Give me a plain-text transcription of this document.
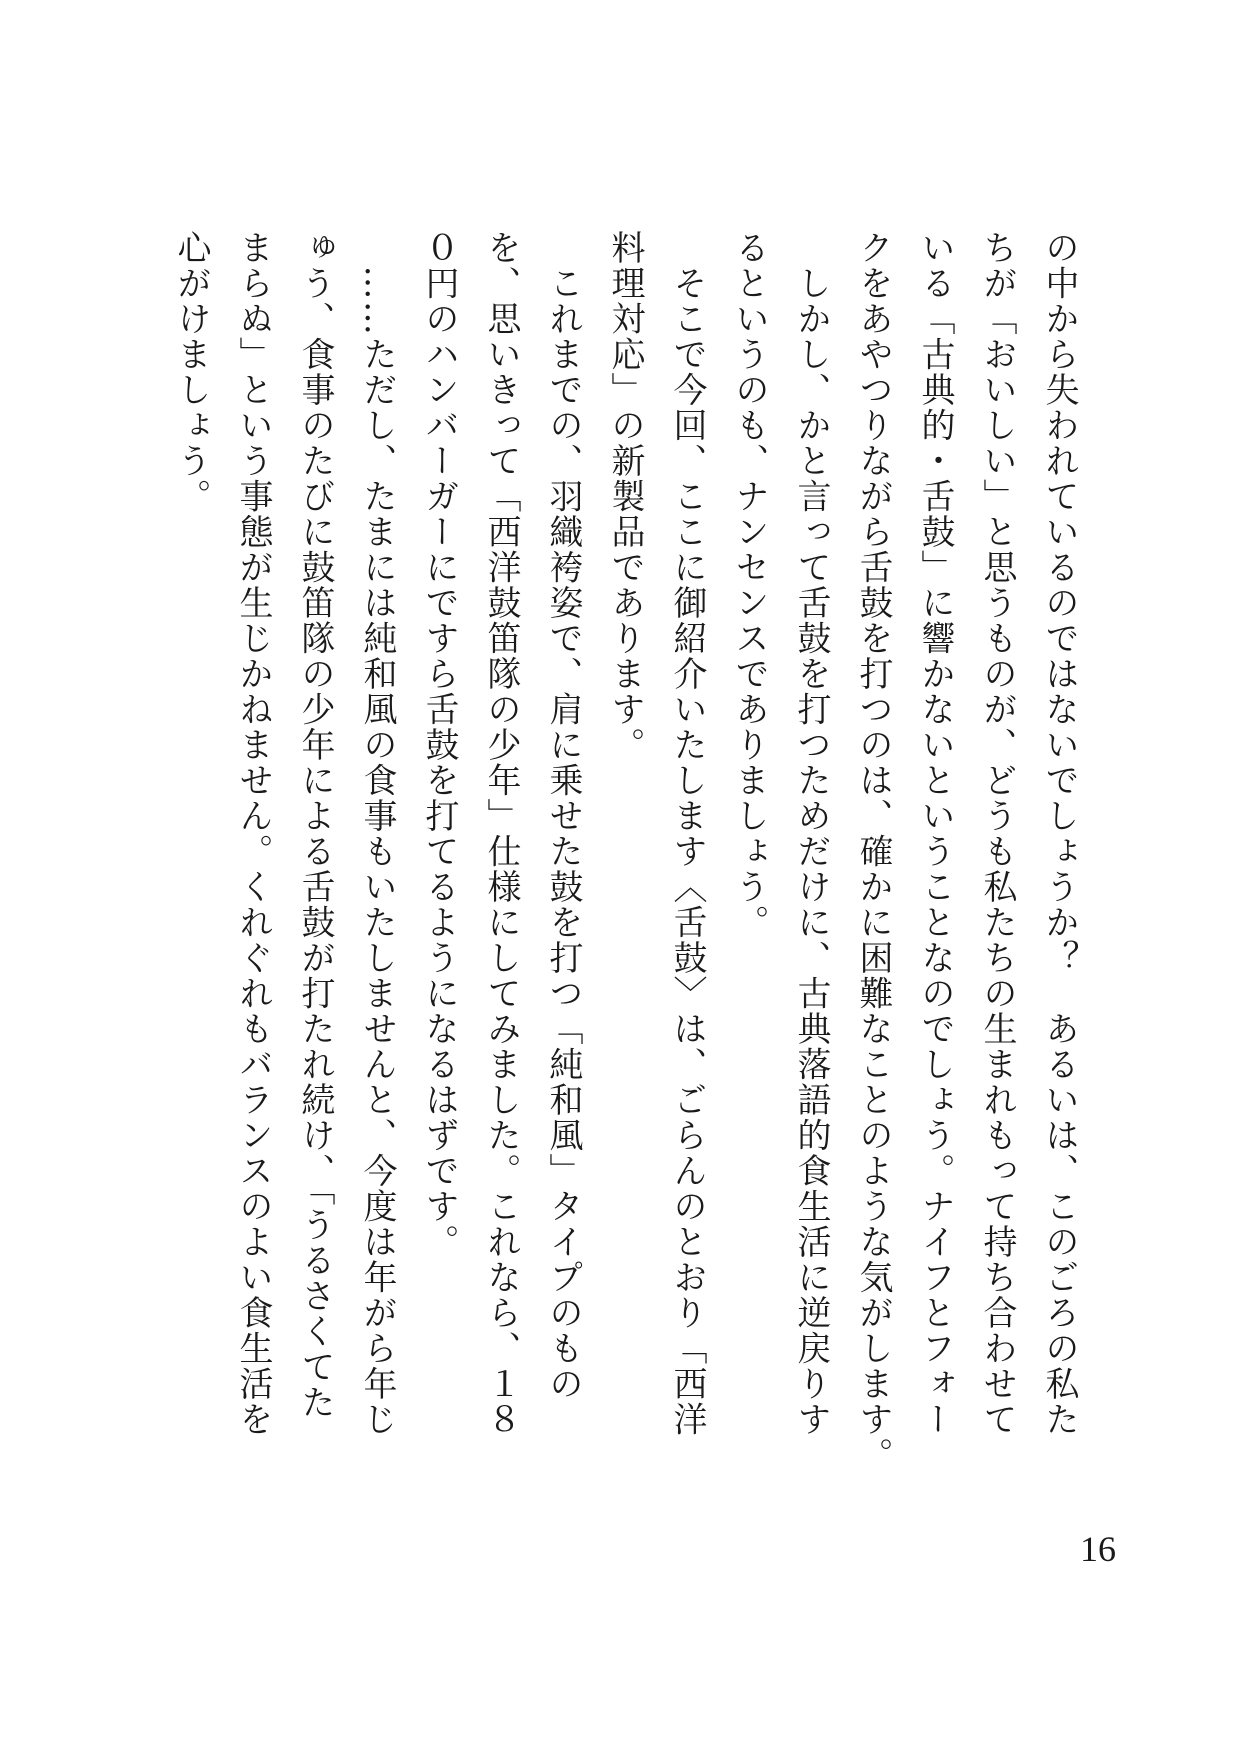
の中から失われているのではないでしょうか？　あるいは、このごろの私た
ちが「おいしい」と思うものが、どうも私たちの生まれもって持ち合わせて
いる「古典的・舌鼓」に響かないということなのでしょう。ナイフとフォー
クをあやつりながら舌鼓を打つのは、確かに困難なことのような気がします。
　しかし、かと言って舌鼓を打つためだけに、古典落語的食生活に逆戻りす
るというのも、ナンセンスでありましょう。
　そこで今回、ここに御紹介いたします〈舌鼓〉は、ごらんのとおり「西洋
料理対応」の新製品であります。
　これまでの、羽織袴姿で、肩に乗せた鼓を打つ「純和風」タイプのもの
を、思いきって「西洋鼓笛隊の少年」仕様にしてみました。これなら、１８
０円のハンバーガーにですら舌鼓を打てるようになるはずです。
　……ただし、たまには純和風の食事もいたしませんと、今度は年がら年じ
ゅう、食事のたびに鼓笛隊の少年による舌鼓が打たれ続け、「うるさくてた
まらぬ」という事態が生じかねません。くれぐれもバランスのよい食生活を
心がけましょう。
16
